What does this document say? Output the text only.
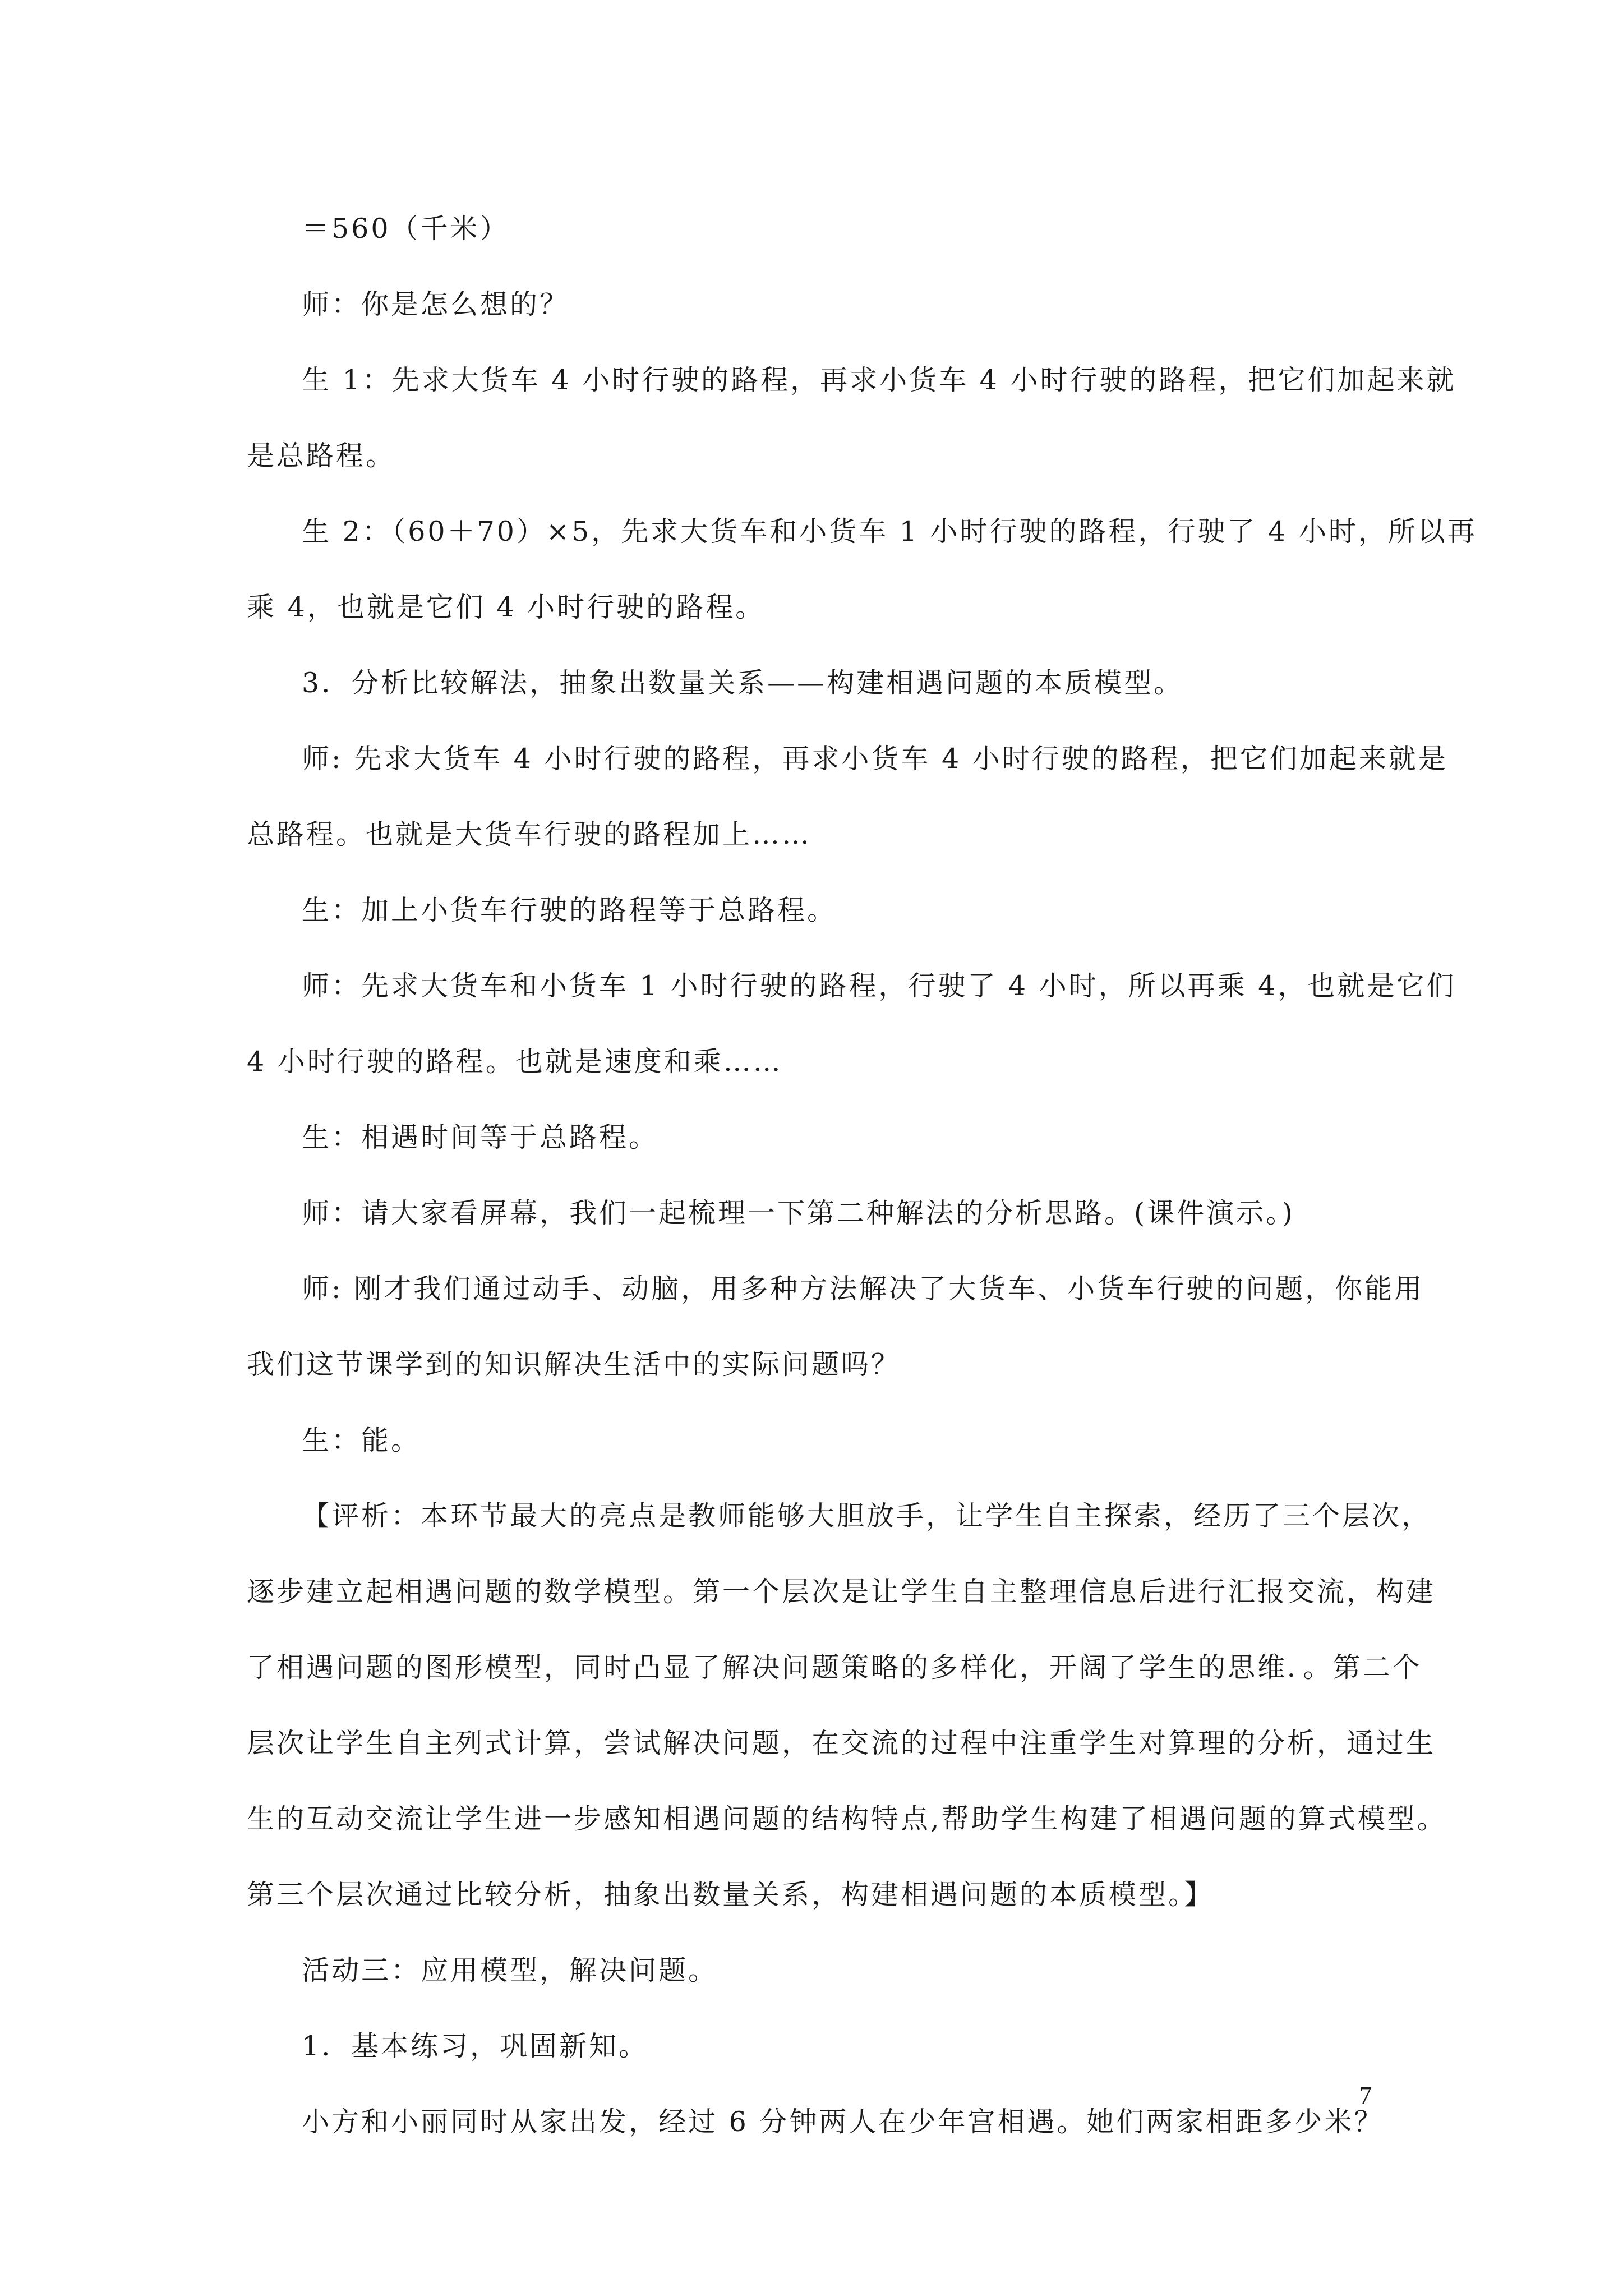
＝560（千米）
师：你是怎么想的？
生 1：先求大货车 4 小时行驶的路程，再求小货车 4 小时行驶的路程，把它们加起来就
是总路程。
生 2：（60＋70）×5，先求大货车和小货车 1 小时行驶的路程，行驶了 4 小时，所以再
乘 4，也就是它们 4 小时行驶的路程。
3．分析比较解法，抽象出数量关系——构建相遇问题的本质模型。
师: 先求大货车 4 小时行驶的路程，再求小货车 4 小时行驶的路程，把它们加起来就是
总路程。也就是大货车行驶的路程加上……
生：加上小货车行驶的路程等于总路程。
师：先求大货车和小货车 1 小时行驶的路程，行驶了 4 小时，所以再乘 4，也就是它们
4 小时行驶的路程。也就是速度和乘……
生：相遇时间等于总路程。
师：请大家看屏幕，我们一起梳理一下第二种解法的分析思路。(课件演示。)
师: 刚才我们通过动手、动脑，用多种方法解决了大货车、小货车行驶的问题，你能用
我们这节课学到的知识解决生活中的实际问题吗？
生：能。
【评析：本环节最大的亮点是教师能够大胆放手，让学生自主探索，经历了三个层次，
逐步建立起相遇问题的数学模型。第一个层次是让学生自主整理信息后进行汇报交流，构建
了相遇问题的图形模型，同时凸显了解决问题策略的多样化，开阔了学生的思维．。第二个
层次让学生自主列式计算，尝试解决问题，在交流的过程中注重学生对算理的分析，通过生
生的互动交流让学生进一步感知相遇问题的结构特点,帮助学生构建了相遇问题的算式模型。
第三个层次通过比较分析，抽象出数量关系，构建相遇问题的本质模型。】
活动三：应用模型，解决问题。
1．基本练习，巩固新知。
小方和小丽同时从家出发，经过 6 分钟两人在少年宫相遇。她们两家相距多少米？
7
